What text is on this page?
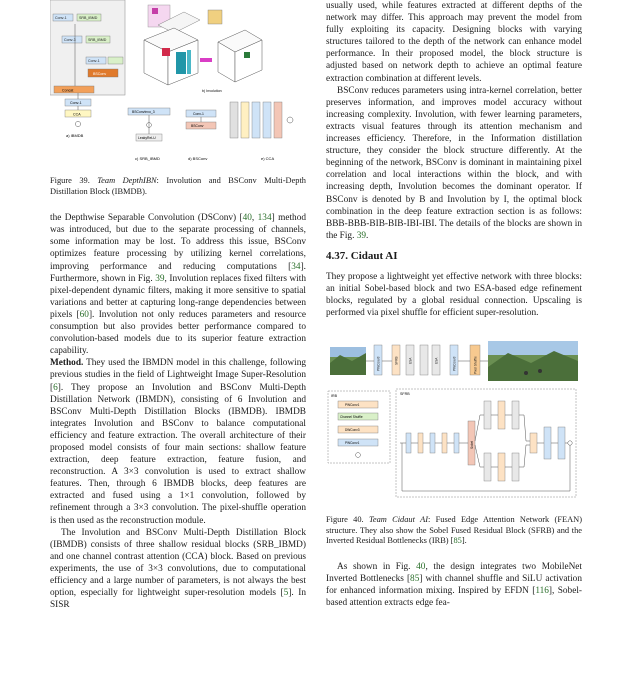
Conv-1	SRB_IBMD
Conv-3	SRB_IBMD
Conv-1
BSConv
Concat
Conv-1
CCA
a) IBMDB
b) Involution
BSConvInvo_3
LeakyReLU
c) SRB_IBMD
Conv-1
BSConv
d) BSConv	e) CCA

Figure 39. Team DepthIBN: Involution and BSConv Multi-Depth Distillation Block (IBMDB).

the Depthwise Separable Convolution (DSConv) [40, 134] method was introduced, but due to the separate processing of channels, some information may be lost. To address this issue, BSConv optimizes feature processing by utilizing kernel correlations, improving performance and reducing computations [34]. Furthermore, shown in Fig. 39, Involution replaces fixed filters with pixel-dependent dynamic filters, making it more sensitive to spatial variations and better at capturing long-range dependencies between pixels [60]. Involution not only reduces parameters and resource consumption but also provides better performance compared to convolution-based models due to its superior feature extraction capability.

Method. They used the IBMDN model in this challenge, following previous studies in the field of Lightweight Image Super-Resolution [6]. They propose an Involution and BSConv Multi-Depth Distillation Network (IBMDN), consisting of 6 Involution and BSConv Multi-Depth Distillation Blocks (IBMDB). IBMDB integrates Involution and BSConv to balance computational efficiency and feature extraction. The overall architecture of their proposed model consists of four main sections: shallow feature extraction, deep feature extraction, feature fusion, and reconstruction. A 3×3 convolution is used to extract shallow features. Then, through 6 IBMDB blocks, deep features are extracted and fused using a 1×1 convolution, followed by refinement through a 3×3 convolution. The pixel-shuffle operation is then used as the reconstruction module.

The Involution and BSConv Multi-Depth Distillation Block (IBMDB) consists of three shallow residual blocks (SRB_IBMD) and one channel contrast attention (CCA) block. Based on previous experiments, the use of 3×3 convolutions, due to computational efficiency and a large number of parameters, is not always the best option, especially for lightweight super-resolution models [5]. In SISR

usually used, while features extracted at different depths of the network may differ. This approach may prevent the model from fully exploiting its capacity. Designing blocks with varying structures tailored to the depth of the network can enhance model performance. In their proposed model, the block structure is adjusted based on network depth to achieve an optimal feature extraction combination at different levels.

BSConv reduces parameters using intra-kernel correlation, better preserves information, and improves model accuracy without increasing complexity. Involution, with fewer learning parameters, extracts visual features through its attention mechanism and increases efficiency. Therefore, in the Information distillation structure, they consider the block structure differently. At the beginning of the network, BSConv is dominant in maintaining pixel correlation and local interactions within the block, and with increasing depth, Involution becomes the dominant operator. If BSConv is denoted by B and Involution by I, the optimal block combination in the deep feature extraction section is as follows: BBB-BBB-BIB-BIB-IBI-IBI. The details of the blocks are shown in the Fig. 39.

4.37. Cidaut AI

They propose a lightweight yet effective network with three blocks: an initial Sobel-based block and two ESA-based edge refinement blocks, regulated by a global residual connection. Upscaling is performed via pixel shuffle for efficient super-resolution.

PWConv3	SFRB	ESA	ESA	PWConv3	Pixel Shuffle
IRB
PWConv1
Channel Shuffle
DWConv3
PWConv1
SFRB
Sobel

Figure 40. Team Cidaut AI: Fused Edge Attention Network (FEAN) structure. They also show the Sobel Fused Residual Block (SFRB) and the Inverted Residual Bottlenecks (IRB) [85].

As shown in Fig. 40, the design integrates two MobileNet Inverted Bottlenecks [85] with channel shuffle and SiLU activation for enhanced information mixing. Inspired by EFDN [116], Sobel-based attention extracts edge fea-
